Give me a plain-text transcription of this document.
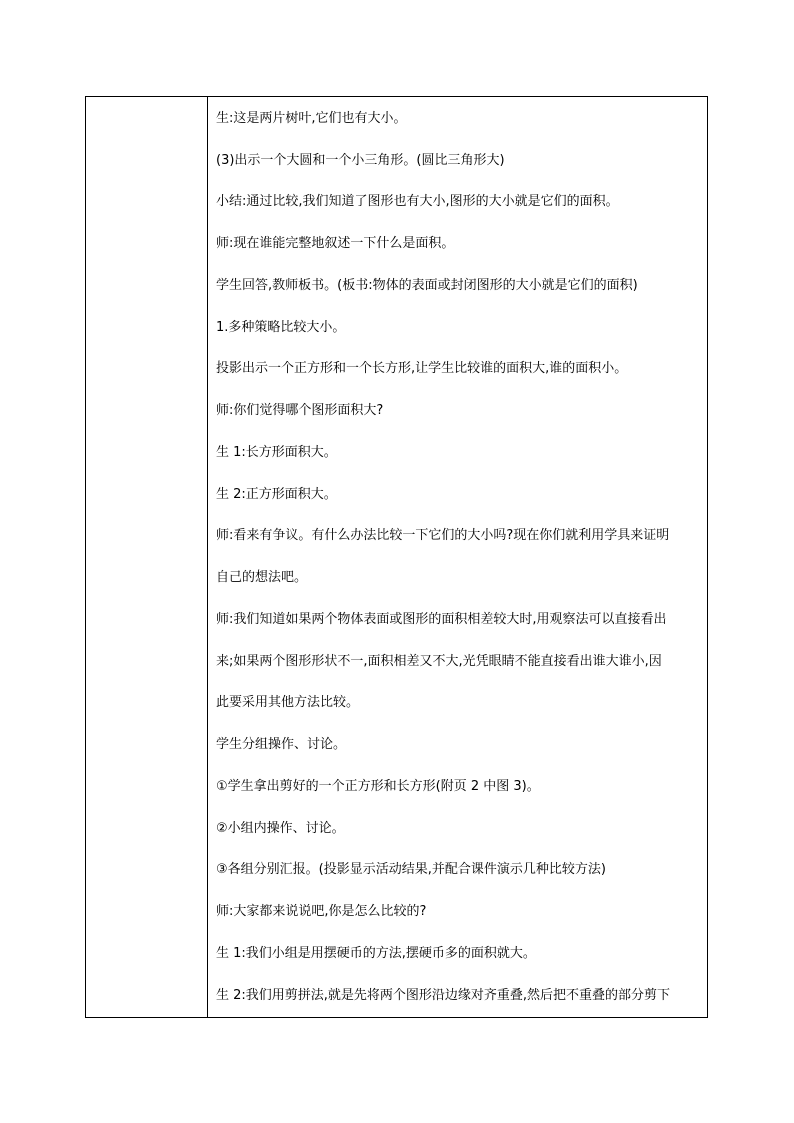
生:这是两片树叶,它们也有大小。
(3)出示一个大圆和一个小三角形。(圆比三角形大)
小结:通过比较,我们知道了图形也有大小,图形的大小就是它们的面积。
师:现在谁能完整地叙述一下什么是面积。
学生回答,教师板书。(板书:物体的表面或封闭图形的大小就是它们的面积)
1.多种策略比较大小。
投影出示一个正方形和一个长方形,让学生比较谁的面积大,谁的面积小。
师:你们觉得哪个图形面积大?
生 1:长方形面积大。
生 2:正方形面积大。
师:看来有争议。有什么办法比较一下它们的大小吗?现在你们就利用学具来证明
自己的想法吧。
师:我们知道如果两个物体表面或图形的面积相差较大时,用观察法可以直接看出
来;如果两个图形形状不一,面积相差又不大,光凭眼睛不能直接看出谁大谁小,因
此要采用其他方法比较。
学生分组操作、讨论。
①学生拿出剪好的一个正方形和长方形(附页 2 中图 3)。
②小组内操作、讨论。
③各组分别汇报。(投影显示活动结果,并配合课件演示几种比较方法)
师:大家都来说说吧,你是怎么比较的?
生 1:我们小组是用摆硬币的方法,摆硬币多的面积就大。
生 2:我们用剪拼法,就是先将两个图形沿边缘对齐重叠,然后把不重叠的部分剪下
